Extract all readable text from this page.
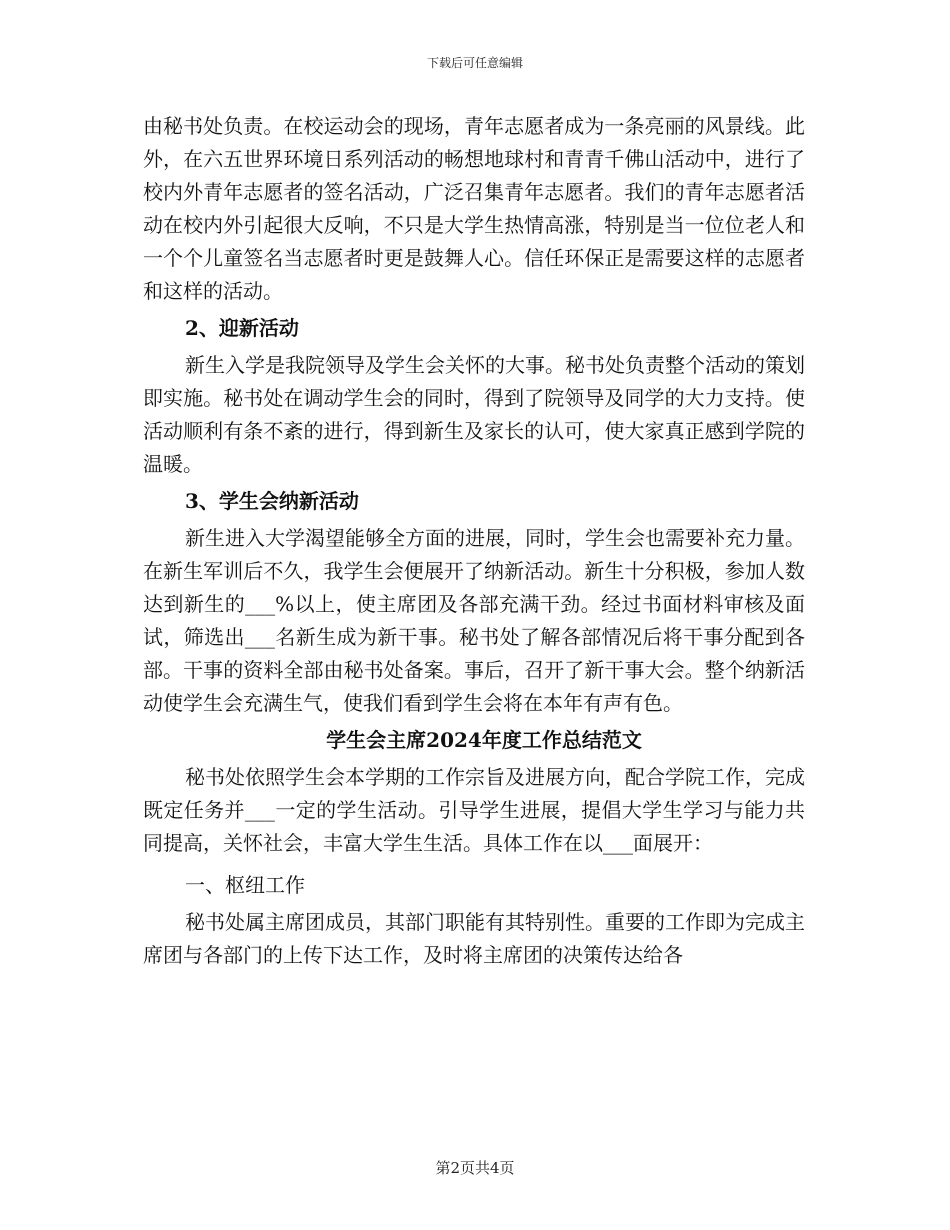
下载后可任意编辑

由秘书处负责。在校运动会的现场，青年志愿者成为一条亮丽的风景线。此外，在六五世界环境日系列活动的畅想地球村和青青千佛山活动中，进行了校内外青年志愿者的签名活动，广泛召集青年志愿者。我们的青年志愿者活动在校内外引起很大反响，不只是大学生热情高涨，特别是当一位位老人和一个个儿童签名当志愿者时更是鼓舞人心。信任环保正是需要这样的志愿者和这样的活动。

2、迎新活动

新生入学是我院领导及学生会关怀的大事。秘书处负责整个活动的策划即实施。秘书处在调动学生会的同时，得到了院领导及同学的大力支持。使活动顺利有条不紊的进行，得到新生及家长的认可，使大家真正感到学院的温暖。

3、学生会纳新活动

新生进入大学渴望能够全方面的进展，同时，学生会也需要补充力量。在新生军训后不久，我学生会便展开了纳新活动。新生十分积极，参加人数达到新生的___%以上，使主席团及各部充满干劲。经过书面材料审核及面试，筛选出___名新生成为新干事。秘书处了解各部情况后将干事分配到各部。干事的资料全部由秘书处备案。事后，召开了新干事大会。整个纳新活动使学生会充满生气，使我们看到学生会将在本年有声有色。

学生会主席2024年度工作总结范文

秘书处依照学生会本学期的工作宗旨及进展方向，配合学院工作，完成既定任务并___一定的学生活动。引导学生进展，提倡大学生学习与能力共同提高，关怀社会，丰富大学生生活。具体工作在以___面展开：

一、枢纽工作

秘书处属主席团成员，其部门职能有其特别性。重要的工作即为完成主席团与各部门的上传下达工作，及时将主席团的决策传达给各

第2页共4页
